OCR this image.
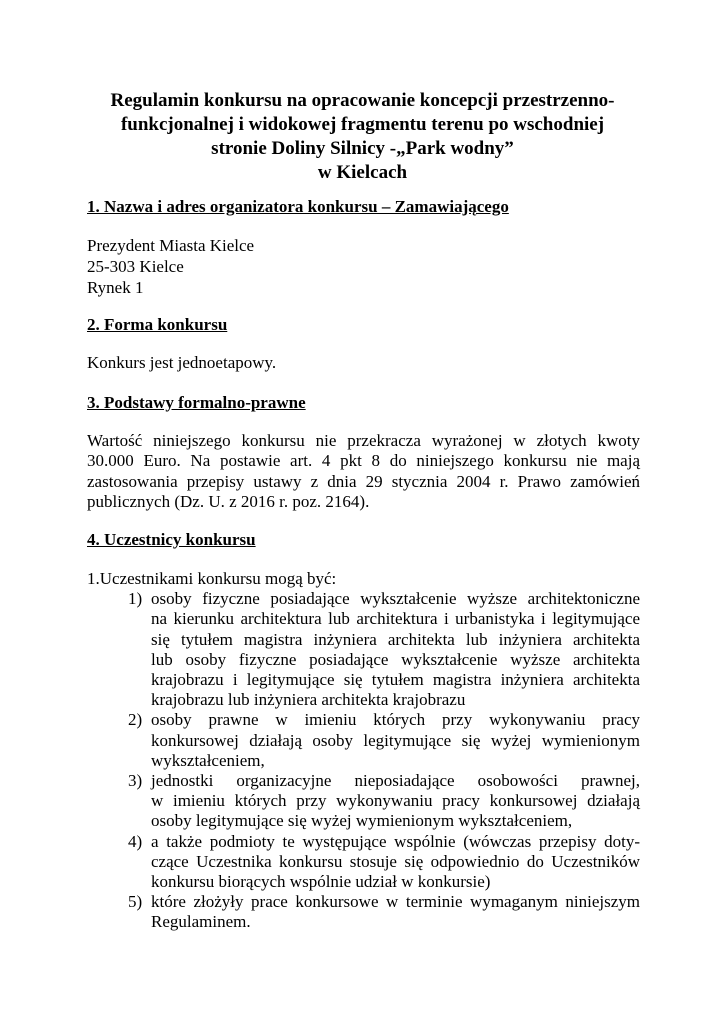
Regulamin konkursu na opracowanie koncepcji przestrzenno-
funkcjonalnej i widokowej fragmentu terenu po wschodniej
stronie Doliny Silnicy -„Park wodny”
w Kielcach
1. Nazwa i adres organizatora konkursu – Zamawiającego
Prezydent Miasta Kielce
25-303 Kielce
Rynek 1
2. Forma konkursu
Konkurs jest jednoetapowy.
3. Podstawy formalno-prawne
Wartość niniejszego konkursu nie przekracza wyrażonej w złotych kwoty
30.000 Euro. Na postawie art. 4 pkt 8 do niniejszego konkursu nie mają
zastosowania przepisy ustawy z dnia 29 stycznia 2004 r. Prawo zamówień
publicznych (Dz. U. z 2016 r. poz. 2164).
4. Uczestnicy konkursu
1.Uczestnikami konkursu mogą być:
1) osoby fizyczne posiadające wykształcenie wyższe architektoniczne
na kierunku architektura lub architektura i urbanistyka i legitymujące
się tytułem magistra inżyniera architekta lub inżyniera architekta
lub osoby fizyczne posiadające wykształcenie wyższe architekta
krajobrazu i legitymujące się tytułem magistra inżyniera architekta
krajobrazu lub inżyniera architekta krajobrazu
2) osoby prawne w imieniu których przy wykonywaniu pracy
konkursowej działają osoby legitymujące się wyżej wymienionym
wykształceniem,
3) jednostki organizacyjne nieposiadające osobowości prawnej,
w imieniu których przy wykonywaniu pracy konkursowej działają
osoby legitymujące się wyżej wymienionym wykształceniem,
4) a także podmioty te występujące wspólnie (wówczas przepisy doty-
czące Uczestnika konkursu stosuje się odpowiednio do Uczestników
konkursu biorących wspólnie udział w konkursie)
5) które złożyły prace konkursowe w terminie wymaganym niniejszym
Regulaminem.
